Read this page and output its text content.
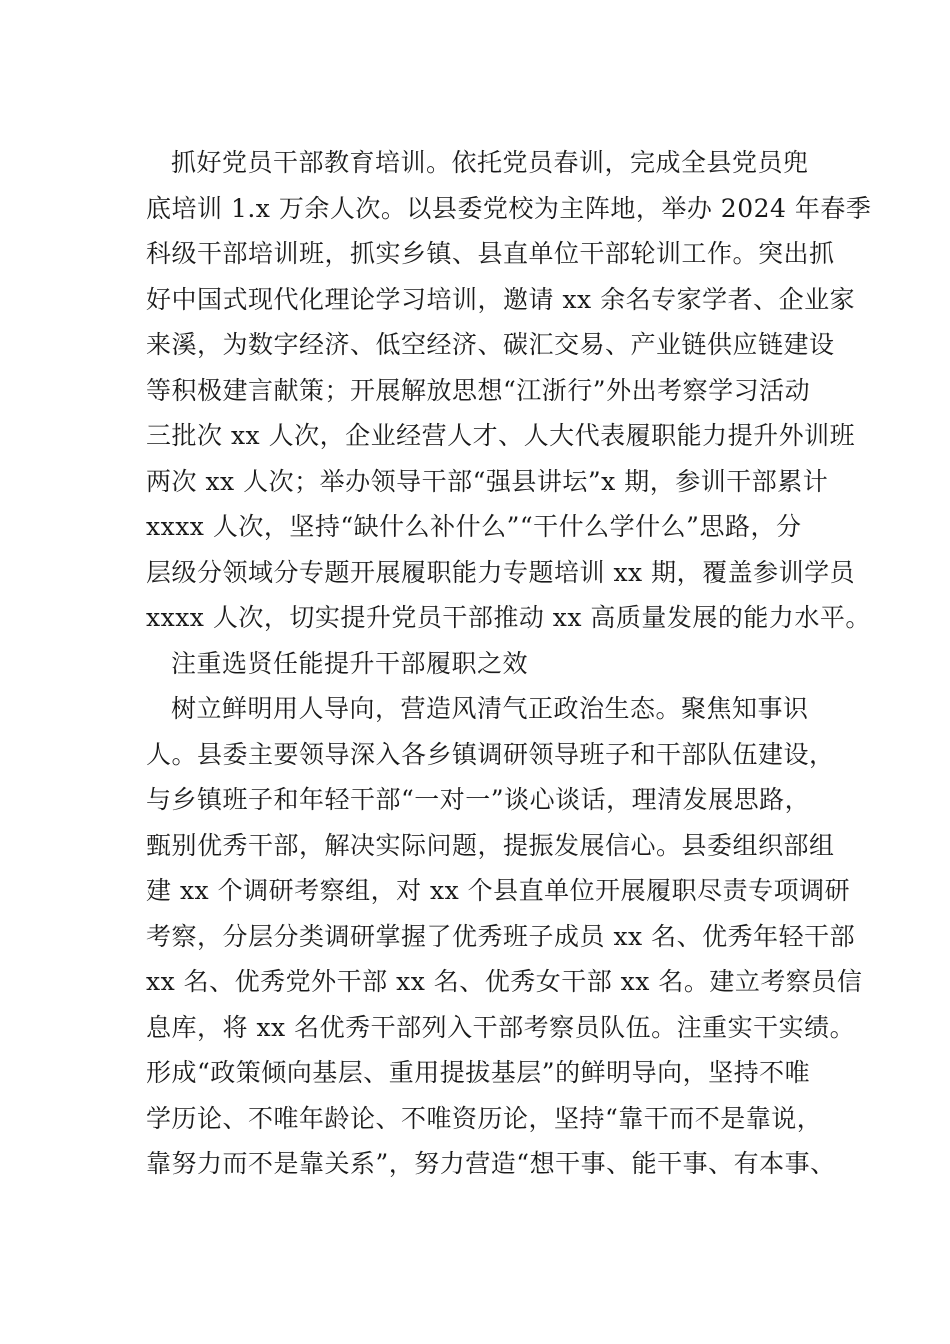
抓好党员干部教育培训。依托党员春训，完成全县党员兜
底培训 1.x 万余人次。以县委党校为主阵地，举办 2024 年春季
科级干部培训班，抓实乡镇、县直单位干部轮训工作。突出抓
好中国式现代化理论学习培训，邀请 xx 余名专家学者、企业家
来溪，为数字经济、低空经济、碳汇交易、产业链供应链建设
等积极建言献策；开展解放思想“江浙行”外出考察学习活动
三批次 xx 人次，企业经营人才、人大代表履职能力提升外训班
两次 xx 人次；举办领导干部“强县讲坛”x 期，参训干部累计
xxxx 人次，坚持“缺什么补什么”“干什么学什么”思路，分
层级分领域分专题开展履职能力专题培训 xx 期，覆盖参训学员
xxxx 人次，切实提升党员干部推动 xx 高质量发展的能力水平。
注重选贤任能提升干部履职之效
树立鲜明用人导向，营造风清气正政治生态。聚焦知事识
人。县委主要领导深入各乡镇调研领导班子和干部队伍建设，
与乡镇班子和年轻干部“一对一”谈心谈话，理清发展思路，
甄别优秀干部，解决实际问题，提振发展信心。县委组织部组
建 xx 个调研考察组，对 xx 个县直单位开展履职尽责专项调研
考察，分层分类调研掌握了优秀班子成员 xx 名、优秀年轻干部
xx 名、优秀党外干部 xx 名、优秀女干部 xx 名。建立考察员信
息库，将 xx 名优秀干部列入干部考察员队伍。注重实干实绩。
形成“政策倾向基层、重用提拔基层”的鲜明导向，坚持不唯
学历论、不唯年龄论、不唯资历论，坚持“靠干而不是靠说，
靠努力而不是靠关系”，努力营造“想干事、能干事、有本事、
